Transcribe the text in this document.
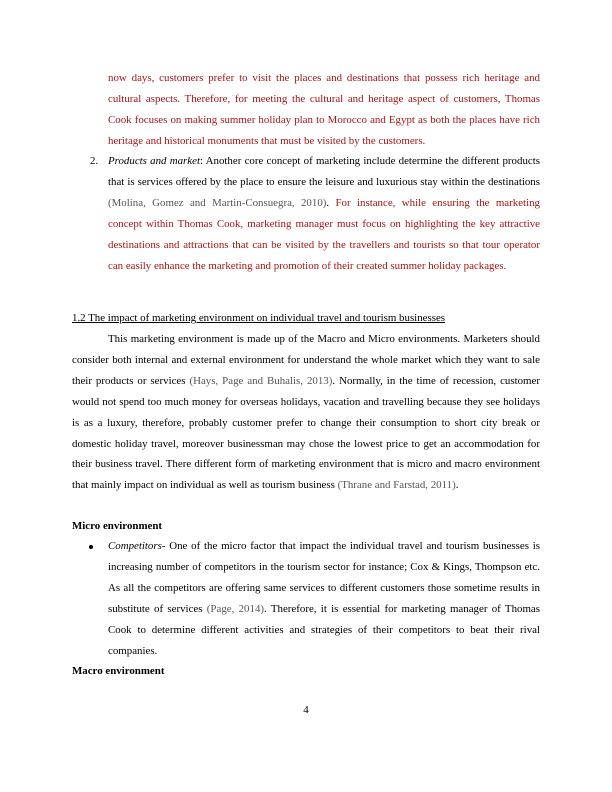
now days, customers prefer to visit the places and destinations that possess rich heritage and cultural aspects. Therefore, for meeting the cultural and heritage aspect of customers, Thomas Cook focuses on making summer holiday plan to Morocco and Egypt as both the places have rich heritage and historical monuments that must be visited by the customers.

2. Products and market: Another core concept of marketing include determine the different products that is services offered by the place to ensure the leisure and luxurious stay within the destinations (Molina, Gomez and Martin-Consuegra, 2010). For instance, while ensuring the marketing concept within Thomas Cook, marketing manager must focus on highlighting the key attractive destinations and attractions that can be visited by the travellers and tourists so that tour operator can easily enhance the marketing and promotion of their created summer holiday packages.

1.2 The impact of marketing environment on individual travel and tourism businesses

This marketing environment is made up of the Macro and Micro environments. Marketers should consider both internal and external environment for understand the whole market which they want to sale their products or services (Hays, Page and Buhalis, 2013). Normally, in the time of recession, customer would not spend too much money for overseas holidays, vacation and travelling because they see holidays is as a luxury, therefore, probably customer prefer to change their consumption to short city break or domestic holiday travel, moreover businessman may chose the lowest price to get an accommodation for their business travel. There different form of marketing environment that is micro and macro environment that mainly impact on individual as well as tourism business (Thrane and Farstad, 2011).

Micro environment

Competitors- One of the micro factor that impact the individual travel and tourism businesses is increasing number of competitors in the tourism sector for instance; Cox & Kings, Thompson etc. As all the competitors are offering same services to different customers those sometime results in substitute of services (Page, 2014). Therefore, it is essential for marketing manager of Thomas Cook to determine different activities and strategies of their competitors to beat their rival companies.

Macro environment

4
